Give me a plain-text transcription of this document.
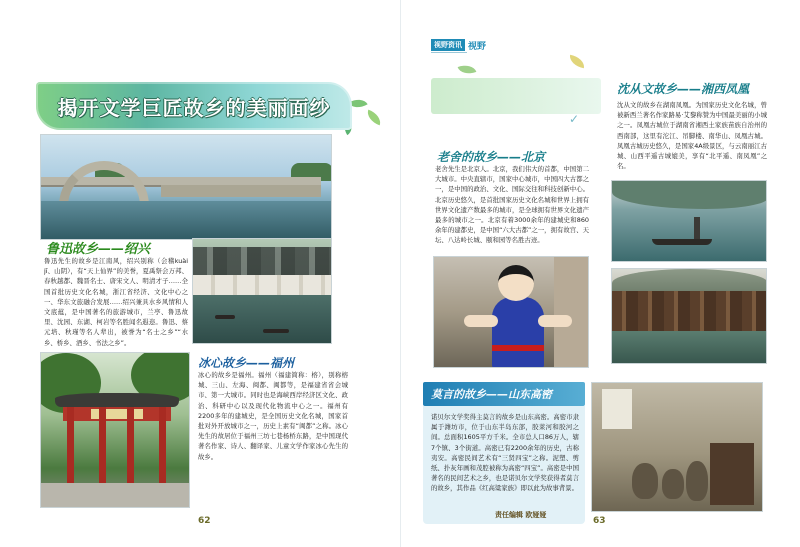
揭开文学巨匠故乡的美丽面纱
鲁迅故乡——绍兴
鲁迅先生的故乡是江南风，绍兴别称（会稽kuài jī、山阴），有“天上仙界”的美誉，夏禹祭会万邦、春秋越都、魏晋名士、唐宋文人、明清才子……全国首批历史文化名城，浙江省经济、文化中心之一、华东文旅融合发展……绍兴兼具水乡风情和人文底蕴，是中国著名的旅游城市，兰亭、鲁迅故里、沈园、东湖、柯岩等名胜闻名遐迩。鲁迅、蔡元培、秋瑾等名人辈出，被誉为“名士之乡”“水乡、桥乡、酒乡、书法之乡”。
冰心故乡——福州
冰心的故乡是福州。福州（福建简称：榕），别称榕城、三山、左海、闽都、闽都等，是福建省省会城市、第一大城市。同时也是海峡西岸经济区文化、政治、科研中心以及现代化物流中心之一。福州有2200多年的建城史，是全国历史文化名城，国家首批对外开放城市之一，历史上素有“闽都”之称。冰心先生的故居位于福州三坊七巷杨桥东路，是中国现代著名作家、诗人、翻译家、儿童文学作家冰心先生的故乡。
62
视野资讯 视野
老舍的故乡——北京
老舍先生是北京人。北京，我们伟大的首都，中国第二大城市。中央直辖市，国家中心城市，中国四大古都之一，是中国的政治、文化、国际交往和科技创新中心。北京历史悠久，是首批国家历史文化名城和世界上拥有世界文化遗产数最多的城市，是全球拥有世界文化遗产最多的城市之一。北京有着3000余年的建城史和860余年的建都史，是中国“六大古都”之一，拥有故宫、天坛、八达岭长城、颐和园等名胜古迹。
✓
沈从文故乡——湘西凤凰
沈从文的故乡在湖南凤凰。为国家历史文化名城，曾被新西兰著名作家路易·艾黎称赞为中国最美丽的小城之一。凤凰古城位于湖南省湘西土家族苗族自治州的西南部，这里有沱江、吊脚楼、南华山、凤凰古城。凤凰古城历史悠久，是国家4A级景区，与云南丽江古城、山西平遥古城媲美，享有“北平遥、南凤凰”之名。
莫言的故乡——山东高密
诺贝尔文学奖得主莫言的故乡是山东高密。高密市隶属于潍坊市，位于山东半岛东部，胶莱河和胶河之间。总面积1605平方千米。全市总人口86万人，辖7个镇、3个街道。高密已有2200余年的历史，古称夷安。高密民间艺术有“三贤四宝”之称。泥塑、剪纸、扑灰年画和茂腔被称为高密“四宝”。高密是中国著名的民间艺术之乡，也是诺贝尔文学奖获得者莫言的故乡，其作品《红高粱家族》即以此为故事背景。
责任编辑 欧娅娅
63
